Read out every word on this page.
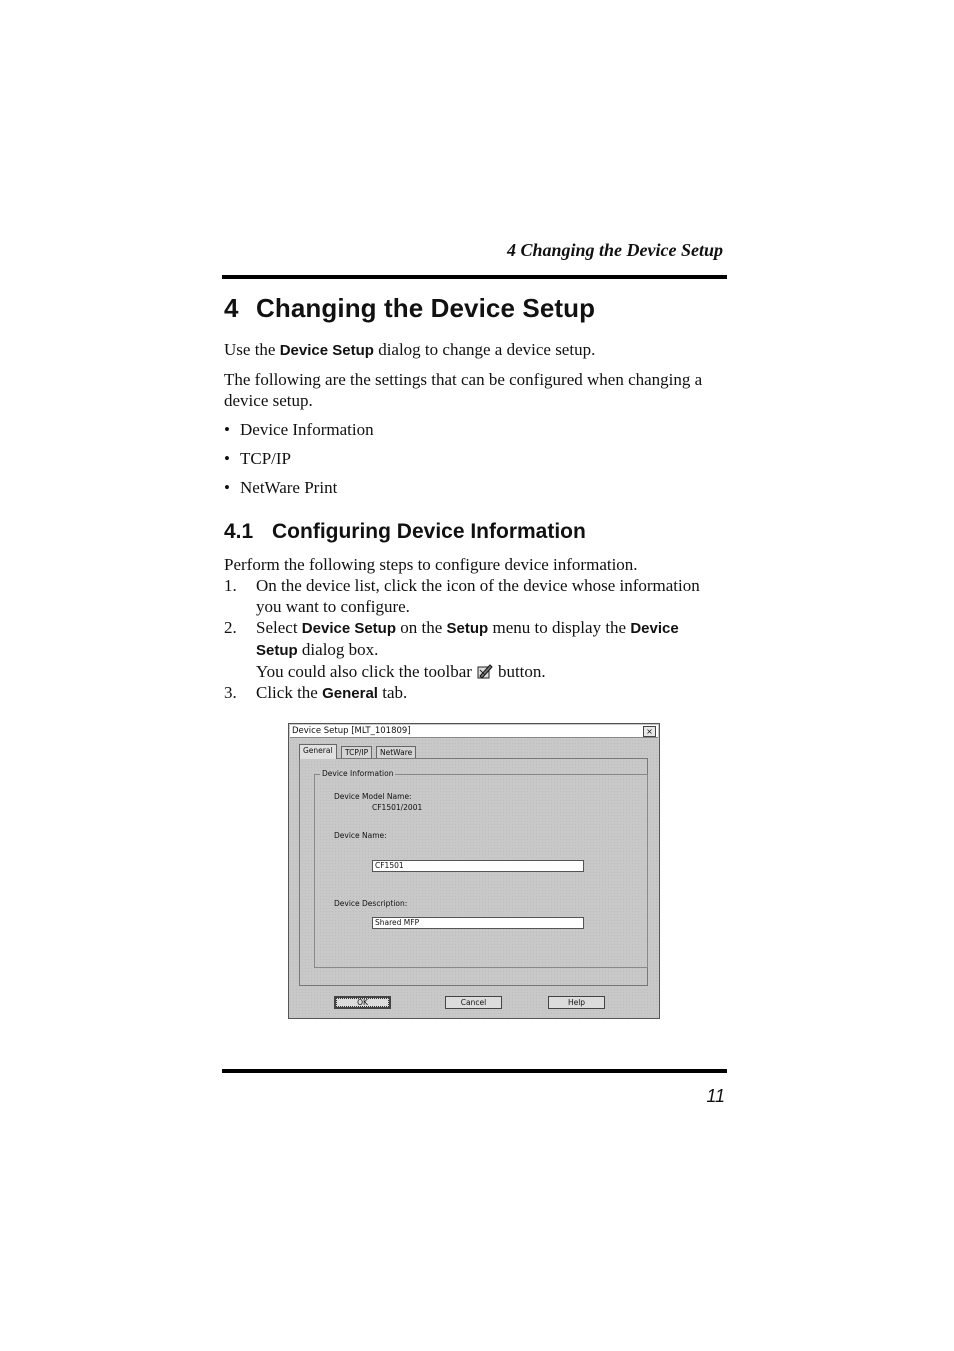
4 Changing the Device Setup
4 Changing the Device Setup

Use the Device Setup dialog to change a device setup.

The following are the settings that can be configured when changing a device setup.

• Device Information
• TCP/IP
• NetWare Print
4.1 Configuring Device Information

Perform the following steps to configure device information.

1. On the device list, click the icon of the device whose information you want to configure.
2. Select Device Setup on the Setup menu to display the Device Setup dialog box.
You could also click the toolbar button.
3. Click the General tab.
Device Setup [MLT_101809]	×
General	TCP/IP	NetWare
Device Information
Device Model Name:
CF1501/2001
Device Name:
CF1501
Device Description:
Shared MFP
OK	Cancel	Help
11
